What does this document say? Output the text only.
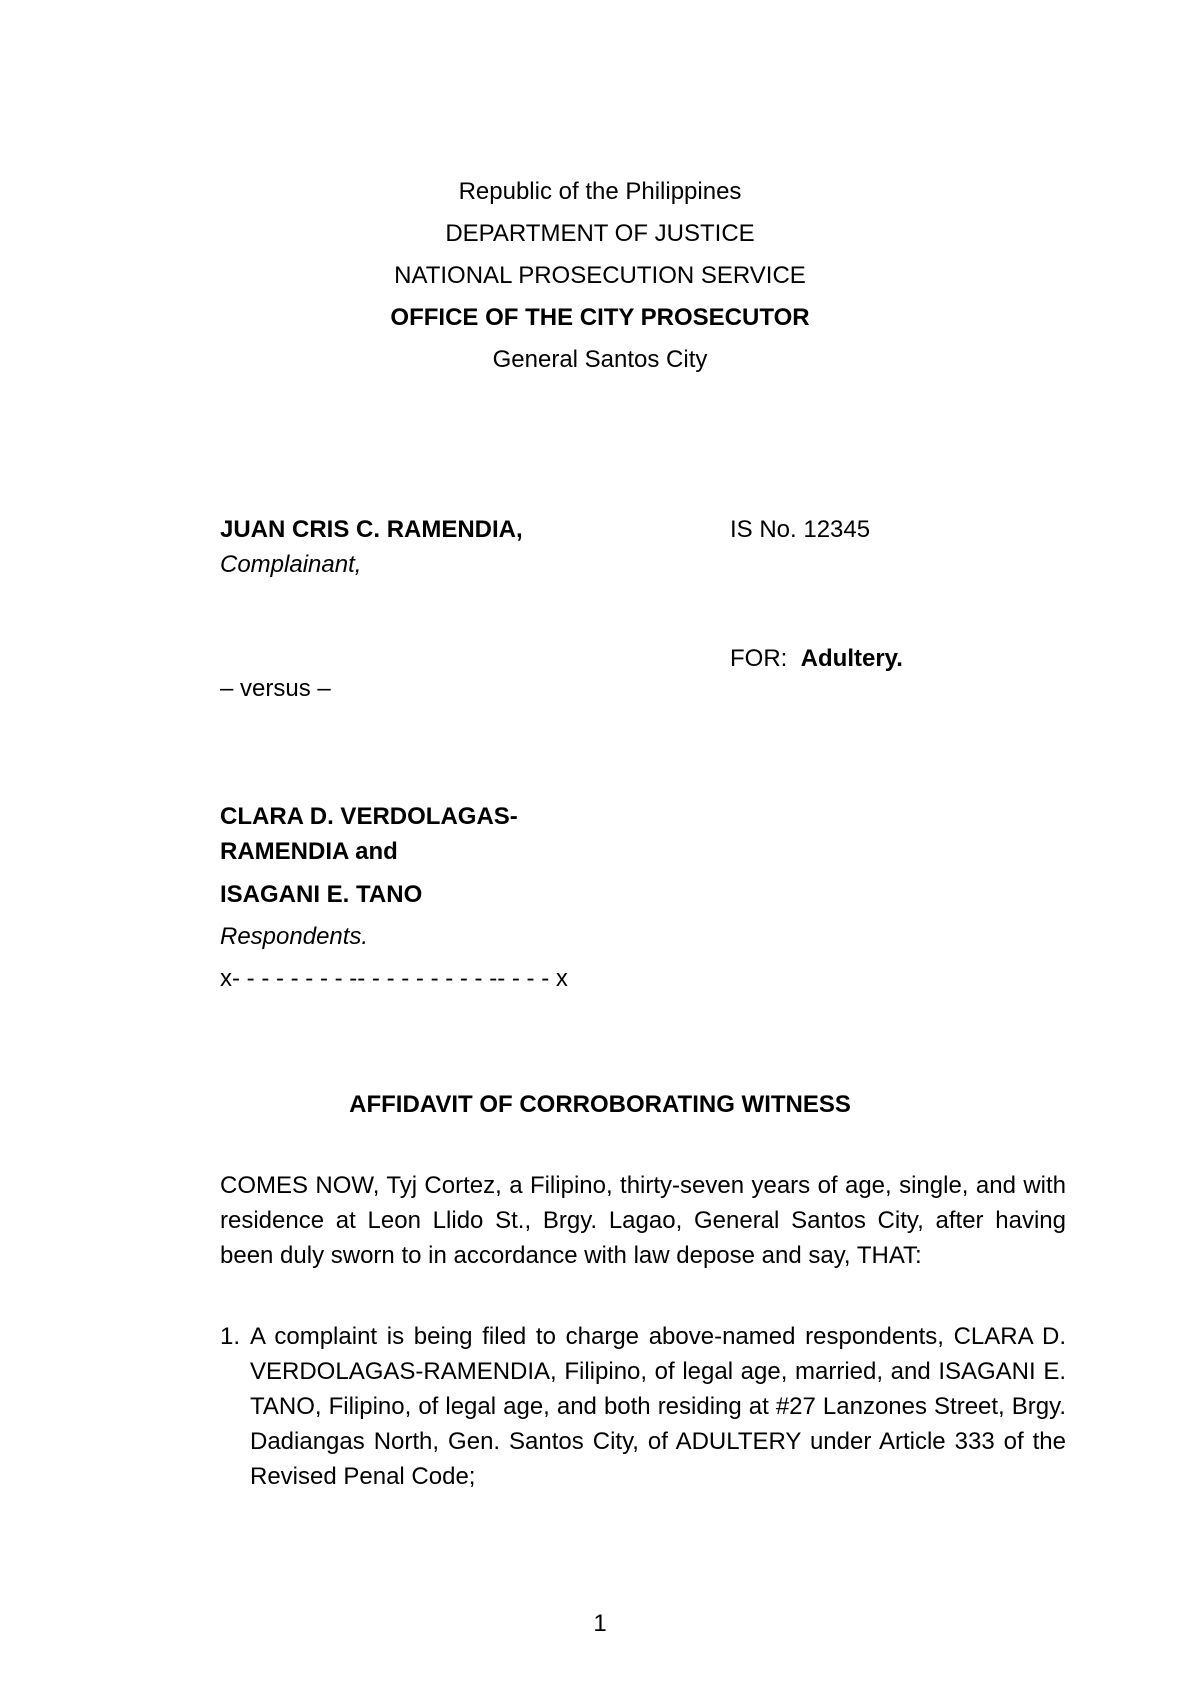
Republic of the Philippines
DEPARTMENT OF JUSTICE
NATIONAL PROSECUTION SERVICE
OFFICE OF THE CITY PROSECUTOR
General Santos City
JUAN CRIS C. RAMENDIA,
Complainant,
– versus –
CLARA D. VERDOLAGAS-
RAMENDIA and
ISAGANI E. TANO
Respondents.
x- - - - - - - - -- - - - - - - - - -- - - - x
IS No. 12345
FOR: Adultery.
AFFIDAVIT OF CORROBORATING WITNESS
COMES NOW, Tyj Cortez, a Filipino, thirty-seven years of age, single, and with residence at Leon Llido St., Brgy. Lagao, General Santos City, after having been duly sworn to in accordance with law depose and say, THAT:
1. A complaint is being filed to charge above-named respondents, CLARA D. VERDOLAGAS-RAMENDIA, Filipino, of legal age, married, and ISAGANI E. TANO, Filipino, of legal age, and both residing at #27 Lanzones Street, Brgy. Dadiangas North, Gen. Santos City, of ADULTERY under Article 333 of the Revised Penal Code;
1
